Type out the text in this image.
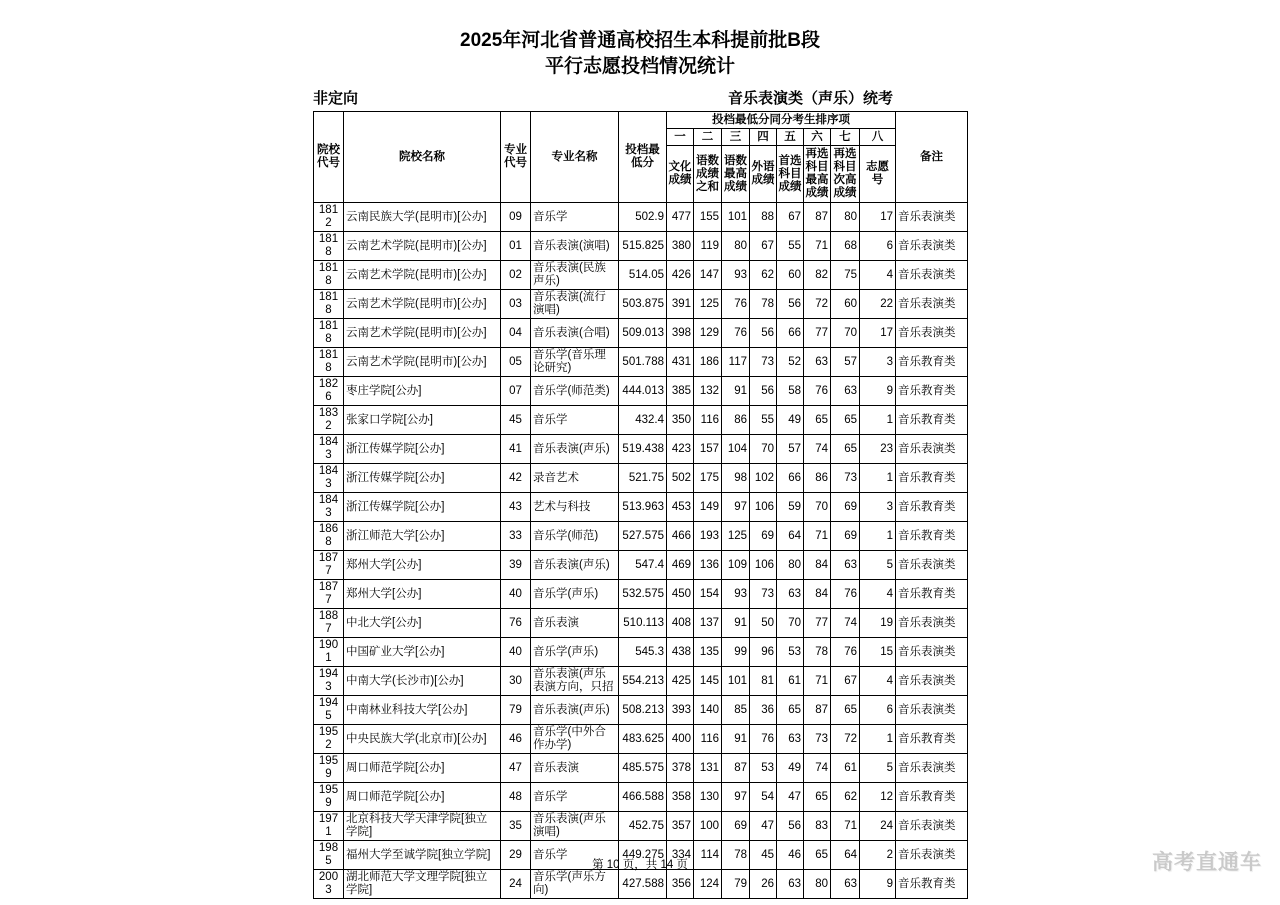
2025年河北省普通高校招生本科提前批B段
平行志愿投档情况统计
非定向	音乐表演类（声乐）统考
院校代号	院校名称	专业代号	专业名称	投档最低分	投档最低分同分考生排序项								备注
					一	二	三	四	五	六	七	八	
					文化成绩	语数成绩之和	语数最高成绩	外语成绩	首选科目成绩	再选科目最高成绩	再选科目次高成绩	志愿号	
1812	云南民族大学(昆明市)[公办]	09	音乐学	502.9	477	155	101	88	67	87	80	17	音乐表演类
1818	云南艺术学院(昆明市)[公办]	01	音乐表演(演唱)	515.825	380	119	80	67	55	71	68	6	音乐表演类
1818	云南艺术学院(昆明市)[公办]	02	音乐表演(民族声乐)	514.05	426	147	93	62	60	82	75	4	音乐表演类
1818	云南艺术学院(昆明市)[公办]	03	音乐表演(流行演唱)	503.875	391	125	76	78	56	72	60	22	音乐表演类
1818	云南艺术学院(昆明市)[公办]	04	音乐表演(合唱)	509.013	398	129	76	56	66	77	70	17	音乐表演类
1818	云南艺术学院(昆明市)[公办]	05	音乐学(音乐理论研究)	501.788	431	186	117	73	52	63	57	3	音乐教育类
1826	枣庄学院[公办]	07	音乐学(师范类)	444.013	385	132	91	56	58	76	63	9	音乐教育类
1832	张家口学院[公办]	45	音乐学	432.4	350	116	86	55	49	65	65	1	音乐教育类
1843	浙江传媒学院[公办]	41	音乐表演(声乐)	519.438	423	157	104	70	57	74	65	23	音乐表演类
1843	浙江传媒学院[公办]	42	录音艺术	521.75	502	175	98	102	66	86	73	1	音乐教育类
1843	浙江传媒学院[公办]	43	艺术与科技	513.963	453	149	97	106	59	70	69	3	音乐教育类
1868	浙江师范大学[公办]	33	音乐学(师范)	527.575	466	193	125	69	64	71	69	1	音乐教育类
1877	郑州大学[公办]	39	音乐表演(声乐)	547.4	469	136	109	106	80	84	63	5	音乐表演类
1877	郑州大学[公办]	40	音乐学(声乐)	532.575	450	154	93	73	63	84	76	4	音乐教育类
1887	中北大学[公办]	76	音乐表演	510.113	408	137	91	50	70	77	74	19	音乐表演类
1901	中国矿业大学[公办]	40	音乐学(声乐)	545.3	438	135	99	96	53	78	76	15	音乐表演类
1943	中南大学(长沙市)[公办]	30	音乐表演(声乐表演方向，只招	554.213	425	145	101	81	61	71	67	4	音乐表演类
1945	中南林业科技大学[公办]	79	音乐表演(声乐)	508.213	393	140	85	36	65	87	65	6	音乐表演类
1952	中央民族大学(北京市)[公办]	46	音乐学(中外合作办学)	483.625	400	116	91	76	63	73	72	1	音乐教育类
1959	周口师范学院[公办]	47	音乐表演	485.575	378	131	87	53	49	74	61	5	音乐表演类
1959	周口师范学院[公办]	48	音乐学	466.588	358	130	97	54	47	65	62	12	音乐教育类
1971	北京科技大学天津学院[独立学院]	35	音乐表演(声乐演唱)	452.75	357	100	69	47	56	83	71	24	音乐表演类
1985	福州大学至诚学院[独立学院]	29	音乐学	449.275	334	114	78	45	46	65	64	2	音乐表演类
2003	湖北师范大学文理学院[独立学院]	24	音乐学(声乐方向)	427.588	356	124	79	26	63	80	63	9	音乐教育类
第 10 页，共 14 页	高考直通车
